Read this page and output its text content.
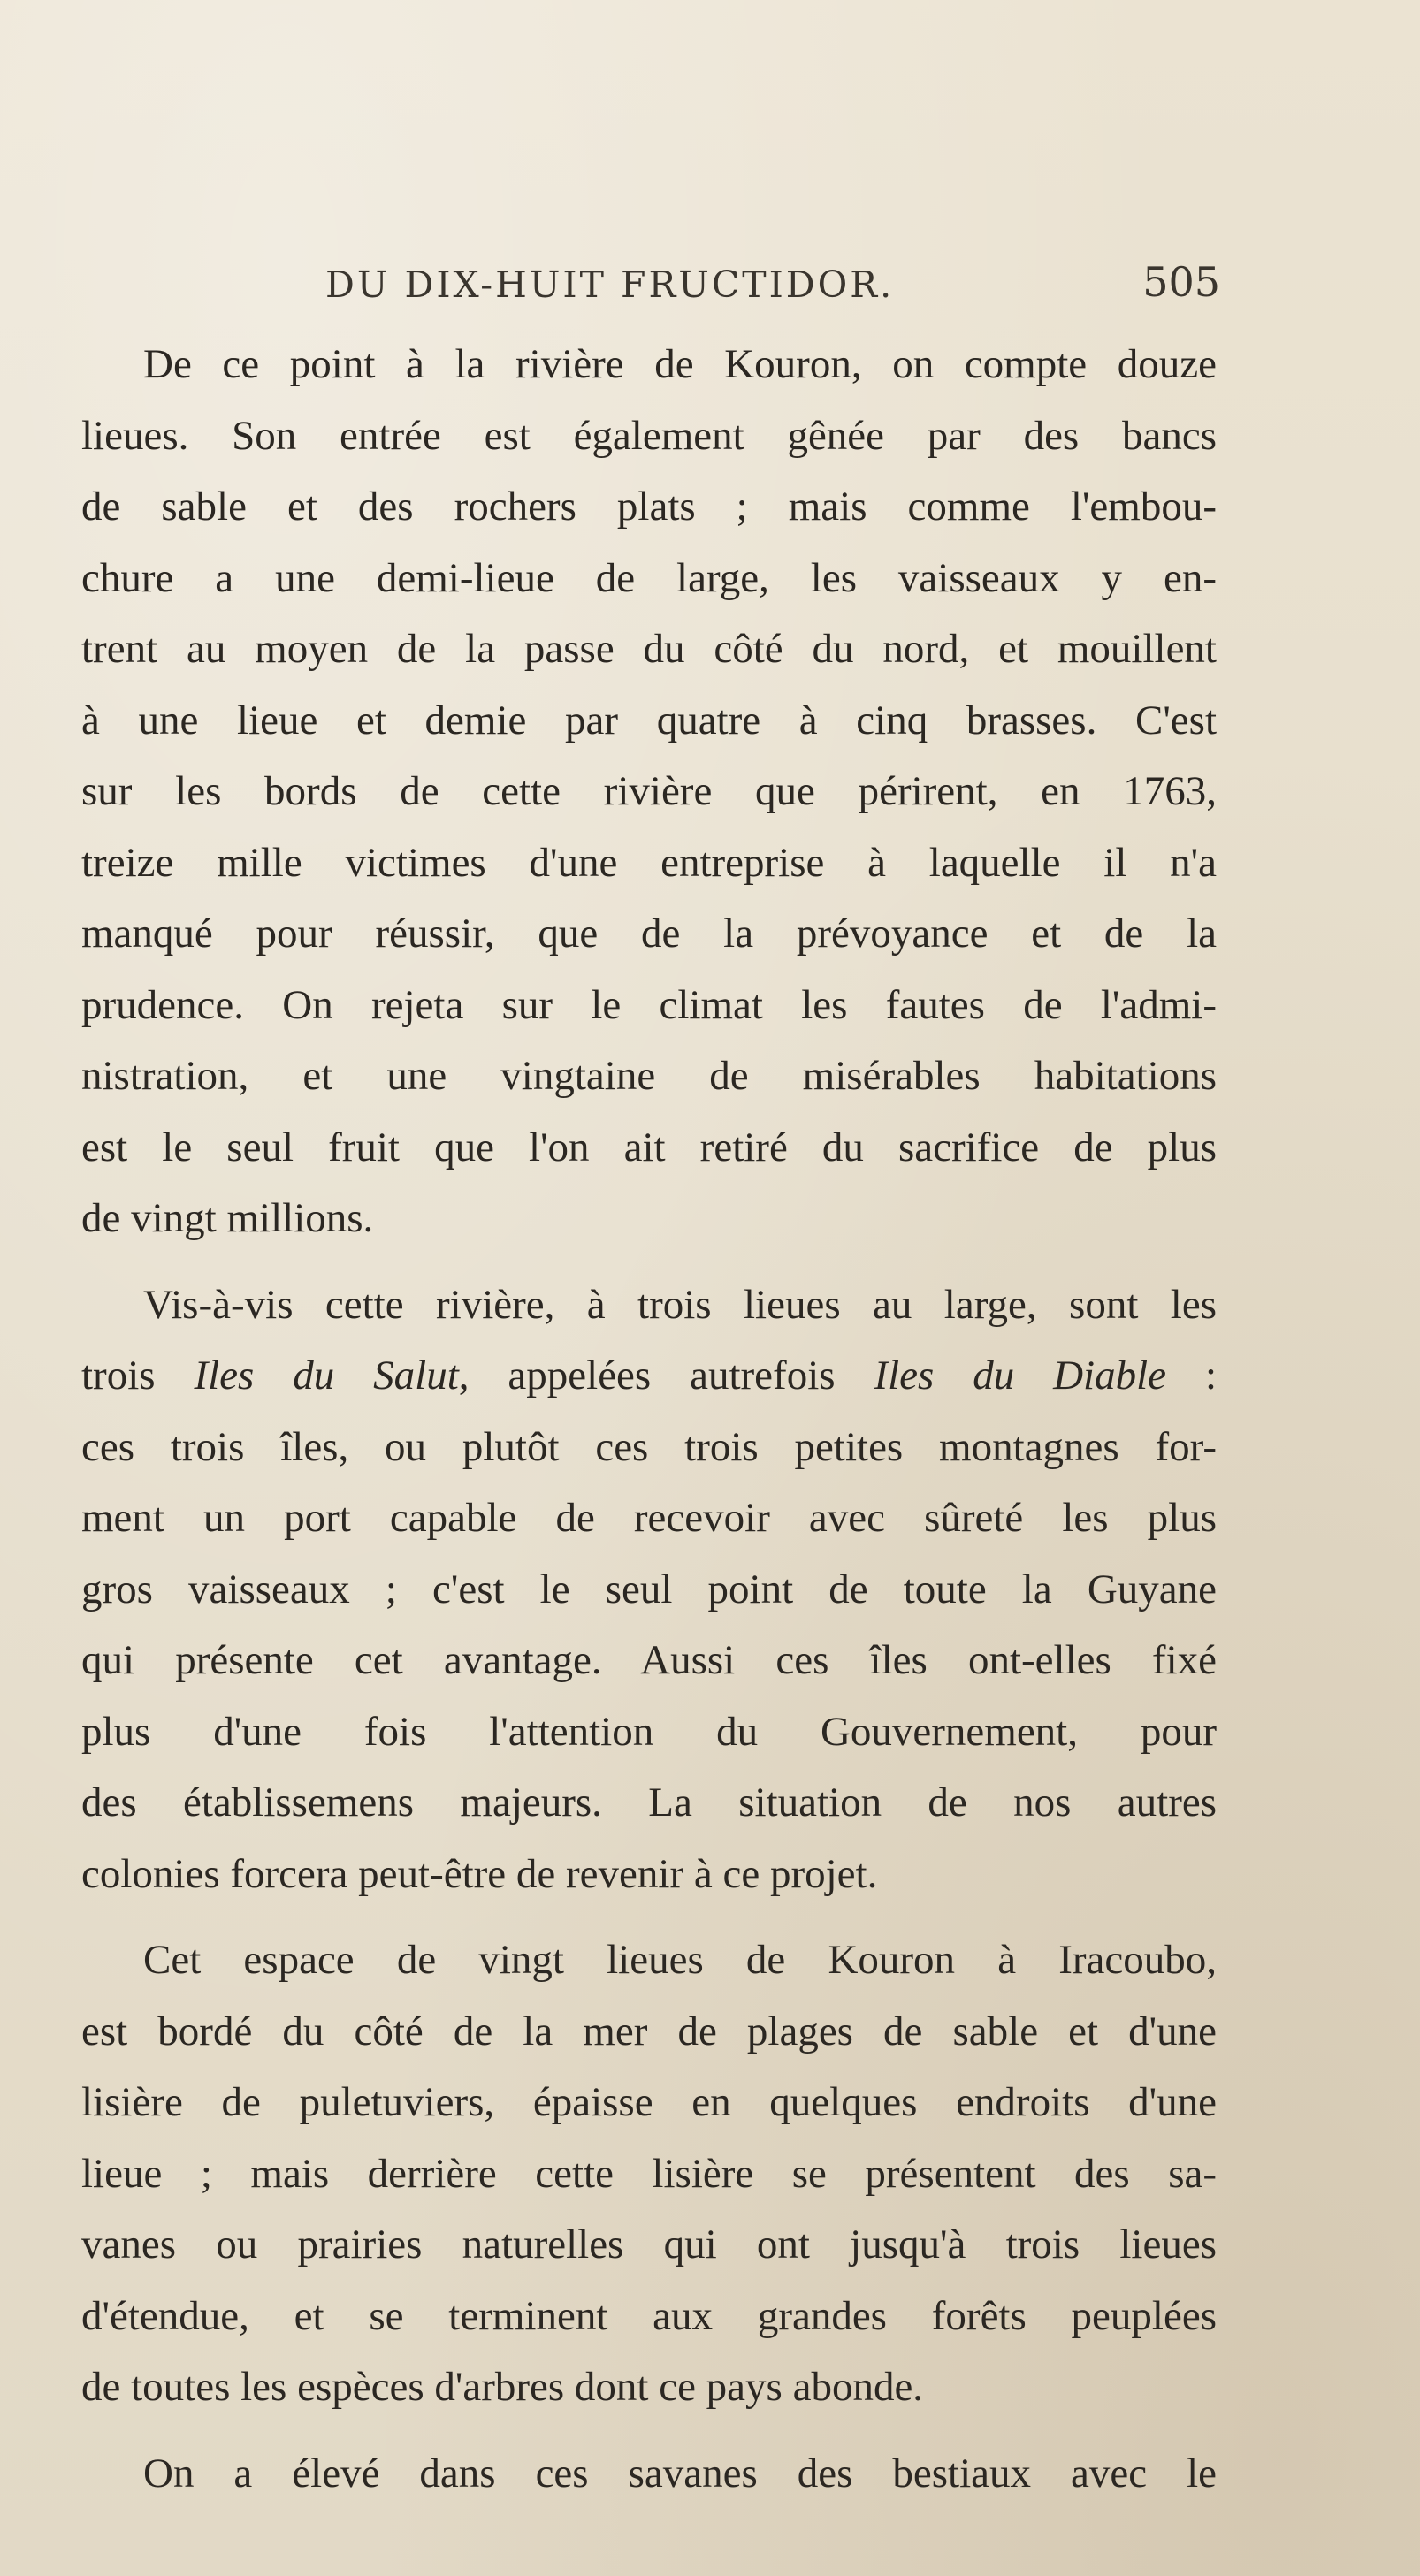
DU DIX-HUIT FRUCTIDOR.	505
De ce point à la rivière de Kouron, on compte douze
lieues. Son entrée est également gênée par des bancs
de sable et des rochers plats ; mais comme l'embou-
chure a une demi-lieue de large, les vaisseaux y en-
trent au moyen de la passe du côté du nord, et mouillent
à une lieue et demie par quatre à cinq brasses. C'est
sur les bords de cette rivière que périrent, en 1763,
treize mille victimes d'une entreprise à laquelle il n'a
manqué pour réussir, que de la prévoyance et de la
prudence. On rejeta sur le climat les fautes de l'admi-
nistration, et une vingtaine de misérables habitations
est le seul fruit que l'on ait retiré du sacrifice de plus
de vingt millions.
Vis-à-vis cette rivière, à trois lieues au large, sont les
trois Iles du Salut, appelées autrefois Iles du Diable :
ces trois îles, ou plutôt ces trois petites montagnes for-
ment un port capable de recevoir avec sûreté les plus
gros vaisseaux ; c'est le seul point de toute la Guyane
qui présente cet avantage. Aussi ces îles ont-elles fixé
plus d'une fois l'attention du Gouvernement, pour
des établissemens majeurs. La situation de nos autres
colonies forcera peut-être de revenir à ce projet.
Cet espace de vingt lieues de Kouron à Iracoubo,
est bordé du côté de la mer de plages de sable et d'une
lisière de puletuviers, épaisse en quelques endroits d'une
lieue ; mais derrière cette lisière se présentent des sa-
vanes ou prairies naturelles qui ont jusqu'à trois lieues
d'étendue, et se terminent aux grandes forêts peuplées
de toutes les espèces d'arbres dont ce pays abonde.
On a élevé dans ces savanes des bestiaux avec le
